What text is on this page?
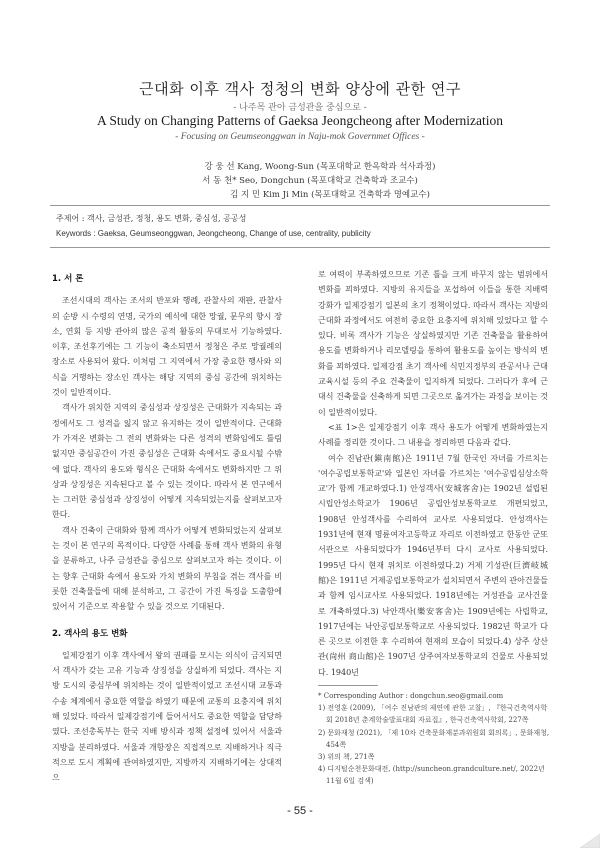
근대화 이후 객사 정청의 변화 양상에 관한 연구
- 나주목 관아 금성관을 중심으로 -
A Study on Changing Patterns of Gaeksa Jeongcheong after Modernization
- Focusing on Geumseonggwan in Naju-mok Governmet Offices -
강 웅 선 Kang, Woong-Sun (목포대학교 한옥학과 석사과정)
서 동 천* Seo, Dongchun (목포대학교 건축학과 조교수)
김 지 민 Kim Ji Min (목포대학교 건축학과 명예교수)
주제어 : 객사, 금성관, 정청, 용도 변화, 중심성, 공공성
Keywords : Gaeksa, Geumseonggwan, Jeongcheong, Change of use, centrality, publicity
1. 서 론

조선시대의 객사는 조서의 반포와 행례, 관찰사의 재판, 관찰사의 순방 시 수령의 연명, 국가의 예식에 대한 망궐, 문무의 향시 장소, 연회 등 지방 관아의 많은 공적 활동의 무대로서 기능하였다. 이후, 조선후기에는 그 기능이 축소되면서 정청은 주로 망궐례의 장소로 사용되어 왔다. 이처럼 그 지역에서 가장 중요한 행사와 의식을 거행하는 장소인 객사는 해당 지역의 중심 공간에 위치하는 것이 일반적이다.

객사가 위치한 지역의 중심성과 상징성은 근대화가 지속되는 과정에서도 그 성격을 잃지 않고 유지하는 것이 일반적이다. 근대화가 가져온 변화는 그 전의 변화와는 다른 성격의 변화임에도 틀림없지만 중심공간이 가진 중심성은 근대화 속에서도 중요시될 수밖에 없다. 객사의 용도와 형식은 근대화 속에서도 변화하지만 그 위상과 상징성은 지속된다고 볼 수 있는 것이다. 따라서 본 연구에서는 그러한 중심성과 상징성이 어떻게 지속되었는지를 살펴보고자 한다.

객사 건축이 근대화와 함께 객사가 어떻게 변화되었는지 살펴보는 것이 본 연구의 목적이다. 다양한 사례를 통해 객사 변화의 유형을 분류하고, 나주 금성관을 중심으로 살펴보고자 하는 것이다. 이는 향후 근대화 속에서 용도와 가치 변화의 부침을 겪는 객사를 비롯한 건축물들에 대해 분석하고, 그 공간이 가진 특징을 도출함에 있어서 기준으로 작용할 수 있을 것으로 기대된다.

2. 객사의 용도 변화

일제강점기 이후 객사에서 왕의 권패를 모시는 의식이 금지되면서 객사가 갖는 고유 기능과 상징성을 상실하게 되었다. 객사는 지방 도시의 중심부에 위치하는 것이 일반적이었고 조선시대 교통과 수송 체계에서 중요한 역할을 하였기 때문에 교통의 요충지에 위치해 있었다. 따라서 일제강점기에 들어서서도 중요한 역할을 담당하였다. 조선총독부는 한국 지배 방식과 정책 설정에 있어서 서울과 지방을 분리하였다. 서울과 개항장은 직접적으로 지배하거나 직극적으로 도시 계획에 관여하였지만, 지방까지 지배하기에는 상대적으

로 여력이 부족하였으므로 기존 틀을 크게 바꾸지 않는 범위에서 변화를 꾀하였다. 지방의 유지들을 포섭하여 이들을 통한 지배력 강화가 일제강점기 일본의 초기 정책이었다. 따라서 객사는 지방의 근대화 과정에서도 여전히 중요한 요충지에 위치해 있었다고 할 수 있다. 비록 객사가 기능은 상실하였지만 기존 건축물을 활용하여 용도를 변화하거나 리모델링을 통하여 활용도를 높이는 방식의 변화를 꾀하였다. 일제강점 초기 객사에 식민지정부의 관공서나 근대 교육시설 등의 주요 건축물이 입지하게 되었다. 그러다가 후에 근대식 건축물을 신축하게 되면 그곳으로 옮겨가는 과정을 보이는 것이 일반적이었다.

<표 1>은 일제강점기 이후 객사 용도가 어떻게 변화하였는지 사례를 정리한 것이다. 그 내용을 정리하면 다음과 같다.

여수 진남관(鎭南館)은 1911년 7월 한국인 자녀를 가르치는 '여수공립보통학교'와 일본인 자녀를 가르치는 '여수공립심상소학교'가 함께 개교하였다.1) 안성객사(安城客舍)는 1902년 설립된 시립안성소학교가 1906년 공립안성보통학교로 개편되었고, 1908년 안성객사를 수리하여 교사로 사용되었다. 안성객사는 1931년에 현재 명륜여자고등학교 자리로 이전하였고 한동안 군또서관으로 사용되었다가 1946년부터 다시 교사로 사용되었다. 1995년 다시 현재 위치로 이전하였다.2) 거제 기성관(巨濟岐城館)은 1911년 거제공립보통학교가 설치되면서 주변의 관아건물들과 함께 임시교사로 사용되었다. 1918년에는 거성관을 교사건물로 개축하였다.3) 낙안객사(樂安客舍)는 1909년에는 사립학교, 1917년에는 낙안공립보통학교로 사용되었다. 1982년 학교가 다른 곳으로 이전한 후 수리하여 현재의 모습이 되었다.4) 상주 상산관(尙州 商山館)은 1907년 상주여자보통학교의 건물로 사용되었다. 1940년

* Corresponding Author : dongchun.seo@gmail.com
1) 전영훈 (2009), 「여수 진남관의 제연에 관한 고찰」, 『한국건축역사학회 2018년 춘계학술발표대회 자료집』, 한국건축역사학회, 227쪽
2) 문화재청 (2021), 「제 10차 건축문화재분과위원회 회의록」, 문화재청, 454쪽
3) 위의 책, 271쪽
4) 디지털순천문화대전, (http://suncheon.grandculture.net/, 2022년 11월 6일 검색)
- 55 -
